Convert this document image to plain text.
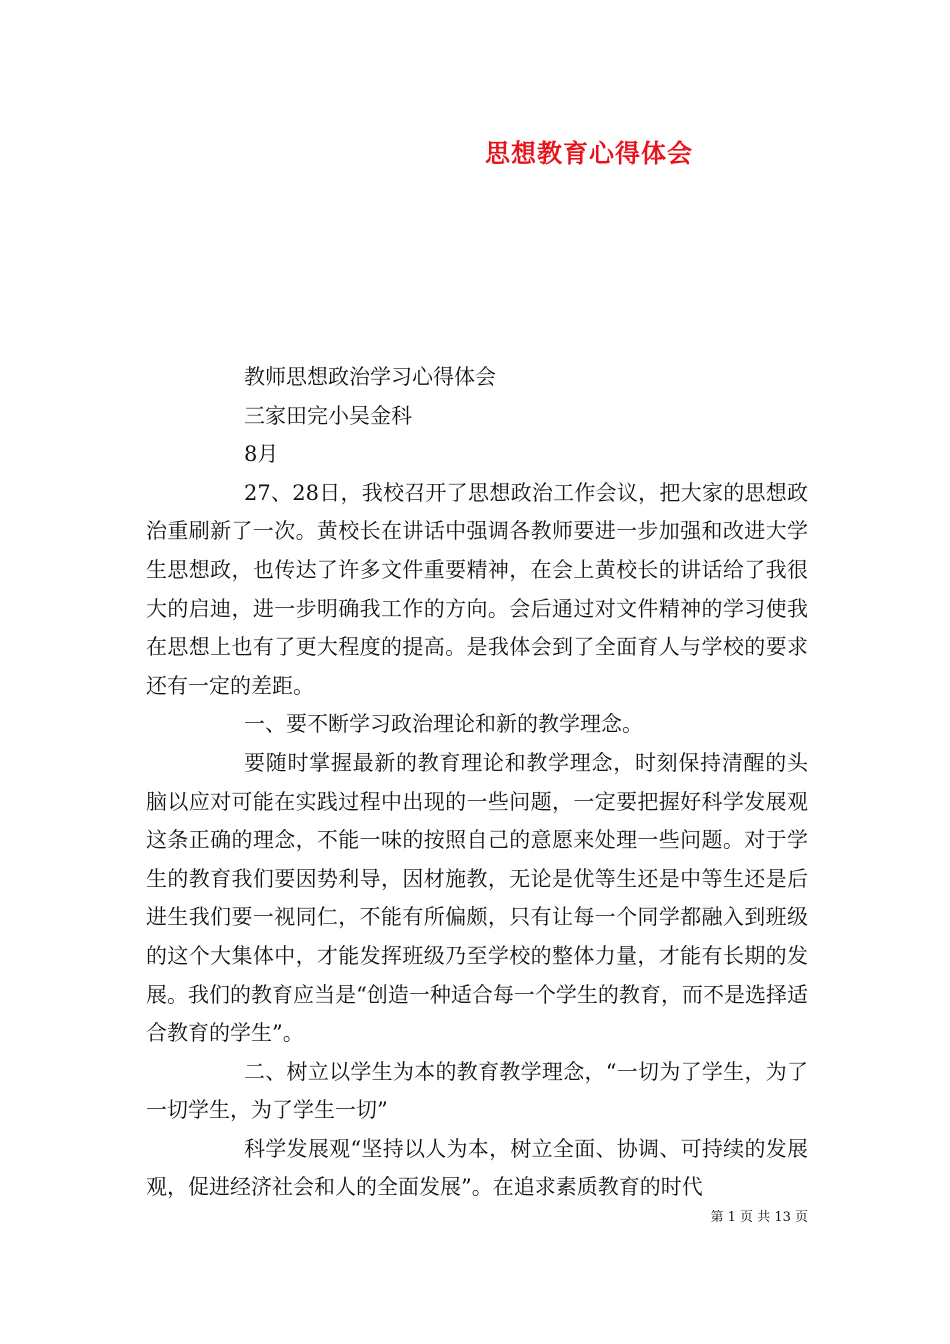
思想教育心得体会

教师思想政治学习心得体会

三家田完小吴金科

8月

27、28日，我校召开了思想政治工作会议，把大家的思想政治重刷新了一次。黄校长在讲话中强调各教师要进一步加强和改进大学生思想政，也传达了许多文件重要精神，在会上黄校长的讲话给了我很大的启迪，进一步明确我工作的方向。会后通过对文件精神的学习使我在思想上也有了更大程度的提高。是我体会到了全面育人与学校的要求还有一定的差距。

一、要不断学习政治理论和新的教学理念。

要随时掌握最新的教育理论和教学理念，时刻保持清醒的头脑以应对可能在实践过程中出现的一些问题，一定要把握好科学发展观这条正确的理念，不能一味的按照自己的意愿来处理一些问题。对于学生的教育我们要因势利导，因材施教，无论是优等生还是中等生还是后进生我们要一视同仁，不能有所偏颇，只有让每一个同学都融入到班级的这个大集体中，才能发挥班级乃至学校的整体力量，才能有长期的发展。我们的教育应当是“创造一种适合每一个学生的教育，而不是选择适合教育的学生”。

二、树立以学生为本的教育教学理念，“一切为了学生，为了一切学生，为了学生一切”

科学发展观“坚持以人为本，树立全面、协调、可持续的发展观，促进经济社会和人的全面发展”。在追求素质教育的时代

第 1 页 共 13 页
